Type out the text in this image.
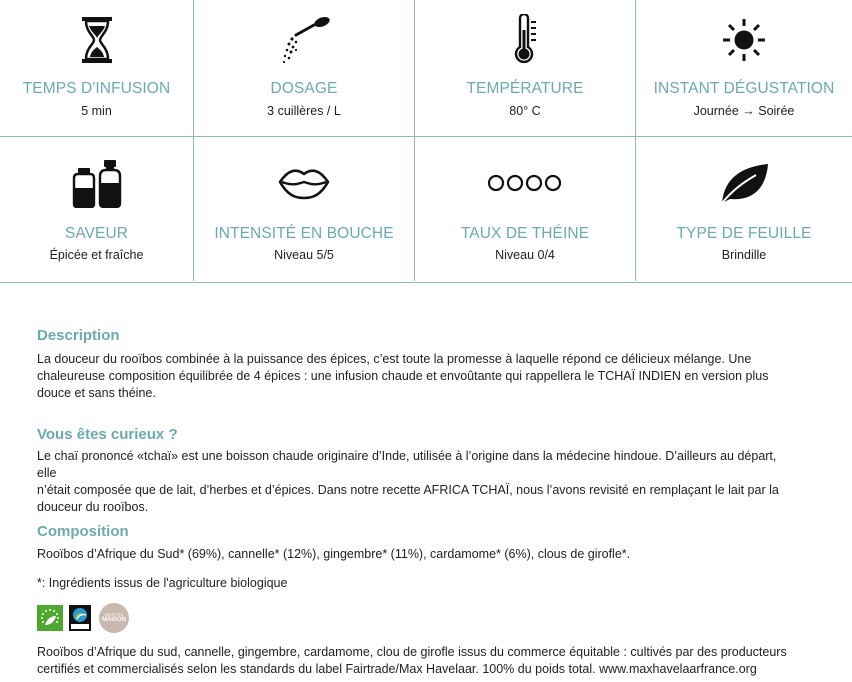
TEMPS D'INFUSION
5 min
DOSAGE
3 cuillères / L
TEMPÉRATURE
80° C
INSTANT DÉGUSTATION
Journée → Soirée
SAVEUR
Épicée et fraîche
INTENSITÉ EN BOUCHE
Niveau 5/5
TAUX DE THÉINE
Niveau 0/4
TYPE DE FEUILLE
Brindille
Description
La douceur du rooïbos combinée à la puissance des épices, c’est toute la promesse à laquelle répond ce délicieux mélange. Une
chaleureuse composition équilibrée de 4 épices : une infusion chaude et envoûtante qui rappellera le TCHAÏ INDIEN en version plus
douce et sans théine.
Vous êtes curieux ?
Le chaï prononcé «tchaï» est une boisson chaude originaire d’Inde, utilisée à l’origine dans la médecine hindoue. D’ailleurs au départ, elle
n’était composée que de lait, d’herbes et d’épices. Dans notre recette AFRICA TCHAÏ, nous l’avons revisité en remplaçant le lait par la
douceur du rooïbos.
Composition
Rooïbos d’Afrique du Sud* (69%), cannelle* (12%), gingembre* (11%), cardamome* (6%), clous de girofle*.
*: Ingrédients issus de l'agriculture biologique
RECETTE
MAISON
Rooïbos d’Afrique du sud, cannelle, gingembre, cardamome, clou de girofle issus du commerce équitable : cultivés par des producteurs
certifiés et commercialisés selon les standards du label Fairtrade/Max Havelaar. 100% du poids total. www.maxhavelaarfrance.org
